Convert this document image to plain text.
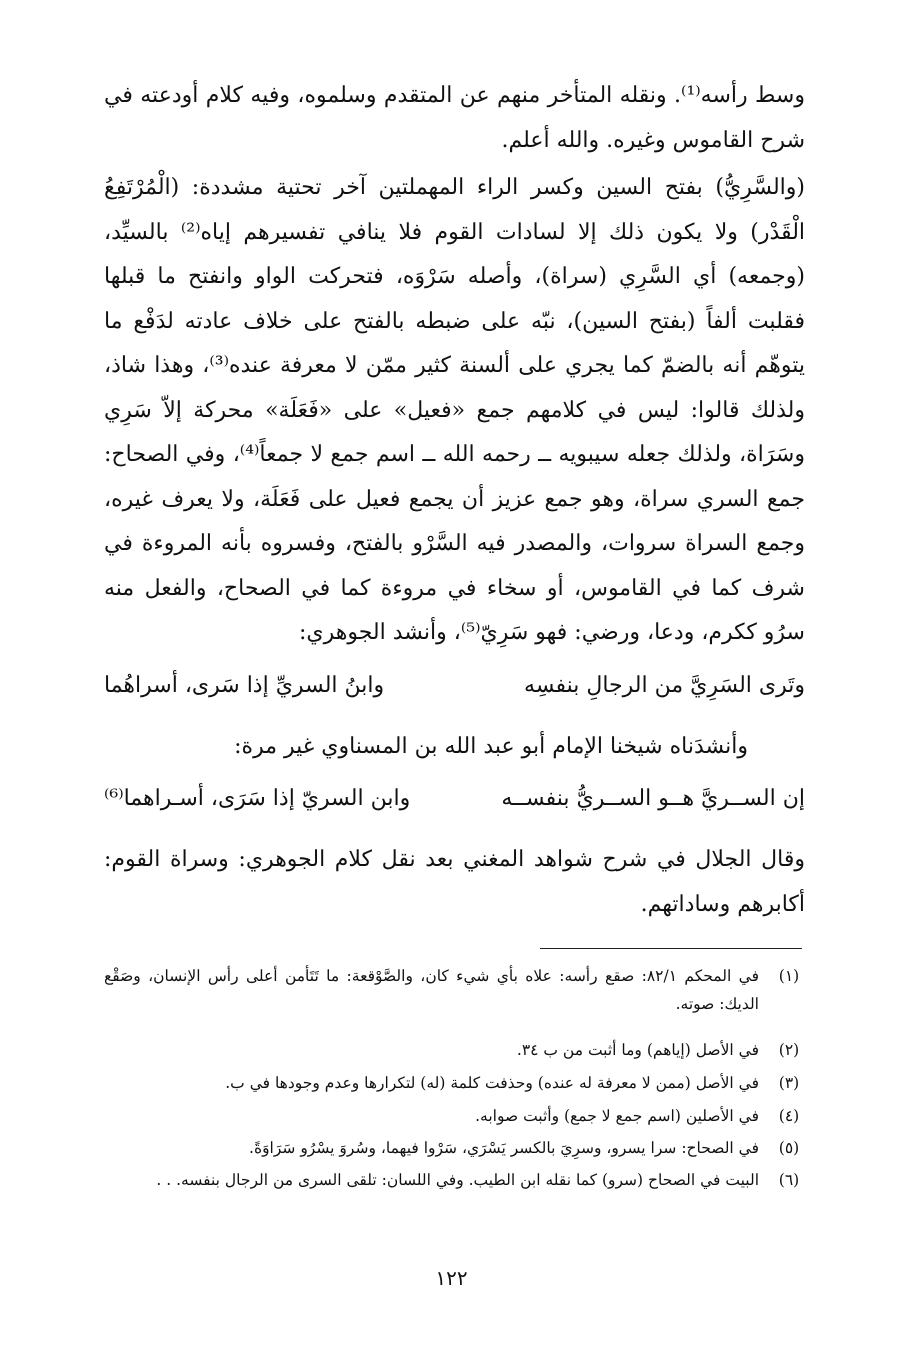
وسط رأسه⁽¹⁾. ونقله المتأخر منهم عن المتقدم وسلموه، وفيه كلام أودعته في شرح القاموس وغيره. والله أعلم.

(والسَّرِيُّ) بفتح السين وكسر الراء المهملتين آخر تحتية مشددة: (الْمُرْتَفِعُ الْقَدْر) ولا يكون ذلك إلا لسادات القوم فلا ينافي تفسيرهم إياه⁽²⁾ بالسيِّد، (وجمعه) أي السَّرِي (سراة)، وأصله سَرْوَه، فتحركت الواو وانفتح ما قبلها فقلبت ألفاً (بفتح السين)، نبّه على ضبطه بالفتح على خلاف عادته لدَفْع ما يتوهّم أنه بالضمّ كما يجري على ألسنة كثير ممّن لا معرفة عنده⁽³⁾، وهذا شاذ، ولذلك قالوا: ليس في كلامهم جمع «فعيل» على «فَعَلَة» محركة إلاّ سَرِي وسَرَاة، ولذلك جعله سيبويه ــ رحمه الله ــ اسم جمع لا جمعاً⁽⁴⁾، وفي الصحاح: جمع السري سراة، وهو جمع عزيز أن يجمع فعيل على فَعَلَة، ولا يعرف غيره، وجمع السراة سروات، والمصدر فيه السَّرْو بالفتح، وفسروه بأنه المروءة في شرف كما في القاموس، أو سخاء في مروءة كما في الصحاح، والفعل منه سرُو ككرم، ودعا، ورضي: فهو سَرِيّ⁽⁵⁾، وأنشد الجوهري:

وتَرى السَرِيَّ من الرجالِ بنفسِه
وابنُ السريِّ إذا سَرى، أسراهُما
وأنشدَناه شيخنا الإمام أبو عبد الله بن المسناوي غير مرة:
إن الســريَّ هــو الســريُّ بنفســه
وابن السريّ إذا سَرَى، أسـراهما⁽⁶⁾

وقال الجلال في شرح شواهد المغني بعد نقل كلام الجوهري: وسراة القوم: أكابرهم وساداتهم.

(١)
في المحكم ٨٢/١: صقع رأسه: علاه بأي شيء كان، والصَّوْقعة: ما تَتَأمن أعلى رأس الإنسان، وصَقْع الديك: صوته.
(٢)
في الأصل (إياهم) وما أثبت من ب ٣٤.
(٣)
في الأصل (ممن لا معرفة له عنده) وحذفت كلمة (له) لتكرارها وعدم وجودها في ب.
(٤)
في الأصلين (اسم جمع لا جمع) وأثبت صوابه.
(٥)
في الصحاح: سرا يسرو، وسرِيَ بالكسر يَسْرَي، سَرْوا فيهما، وسُروَ يسْرُو سَرَاوَةً.
(٦)
البيت في الصحاح (سرو) كما نقله ابن الطيب. وفي اللسان: تلقى السرى من الرجال بنفسه. . .
١٢٢
